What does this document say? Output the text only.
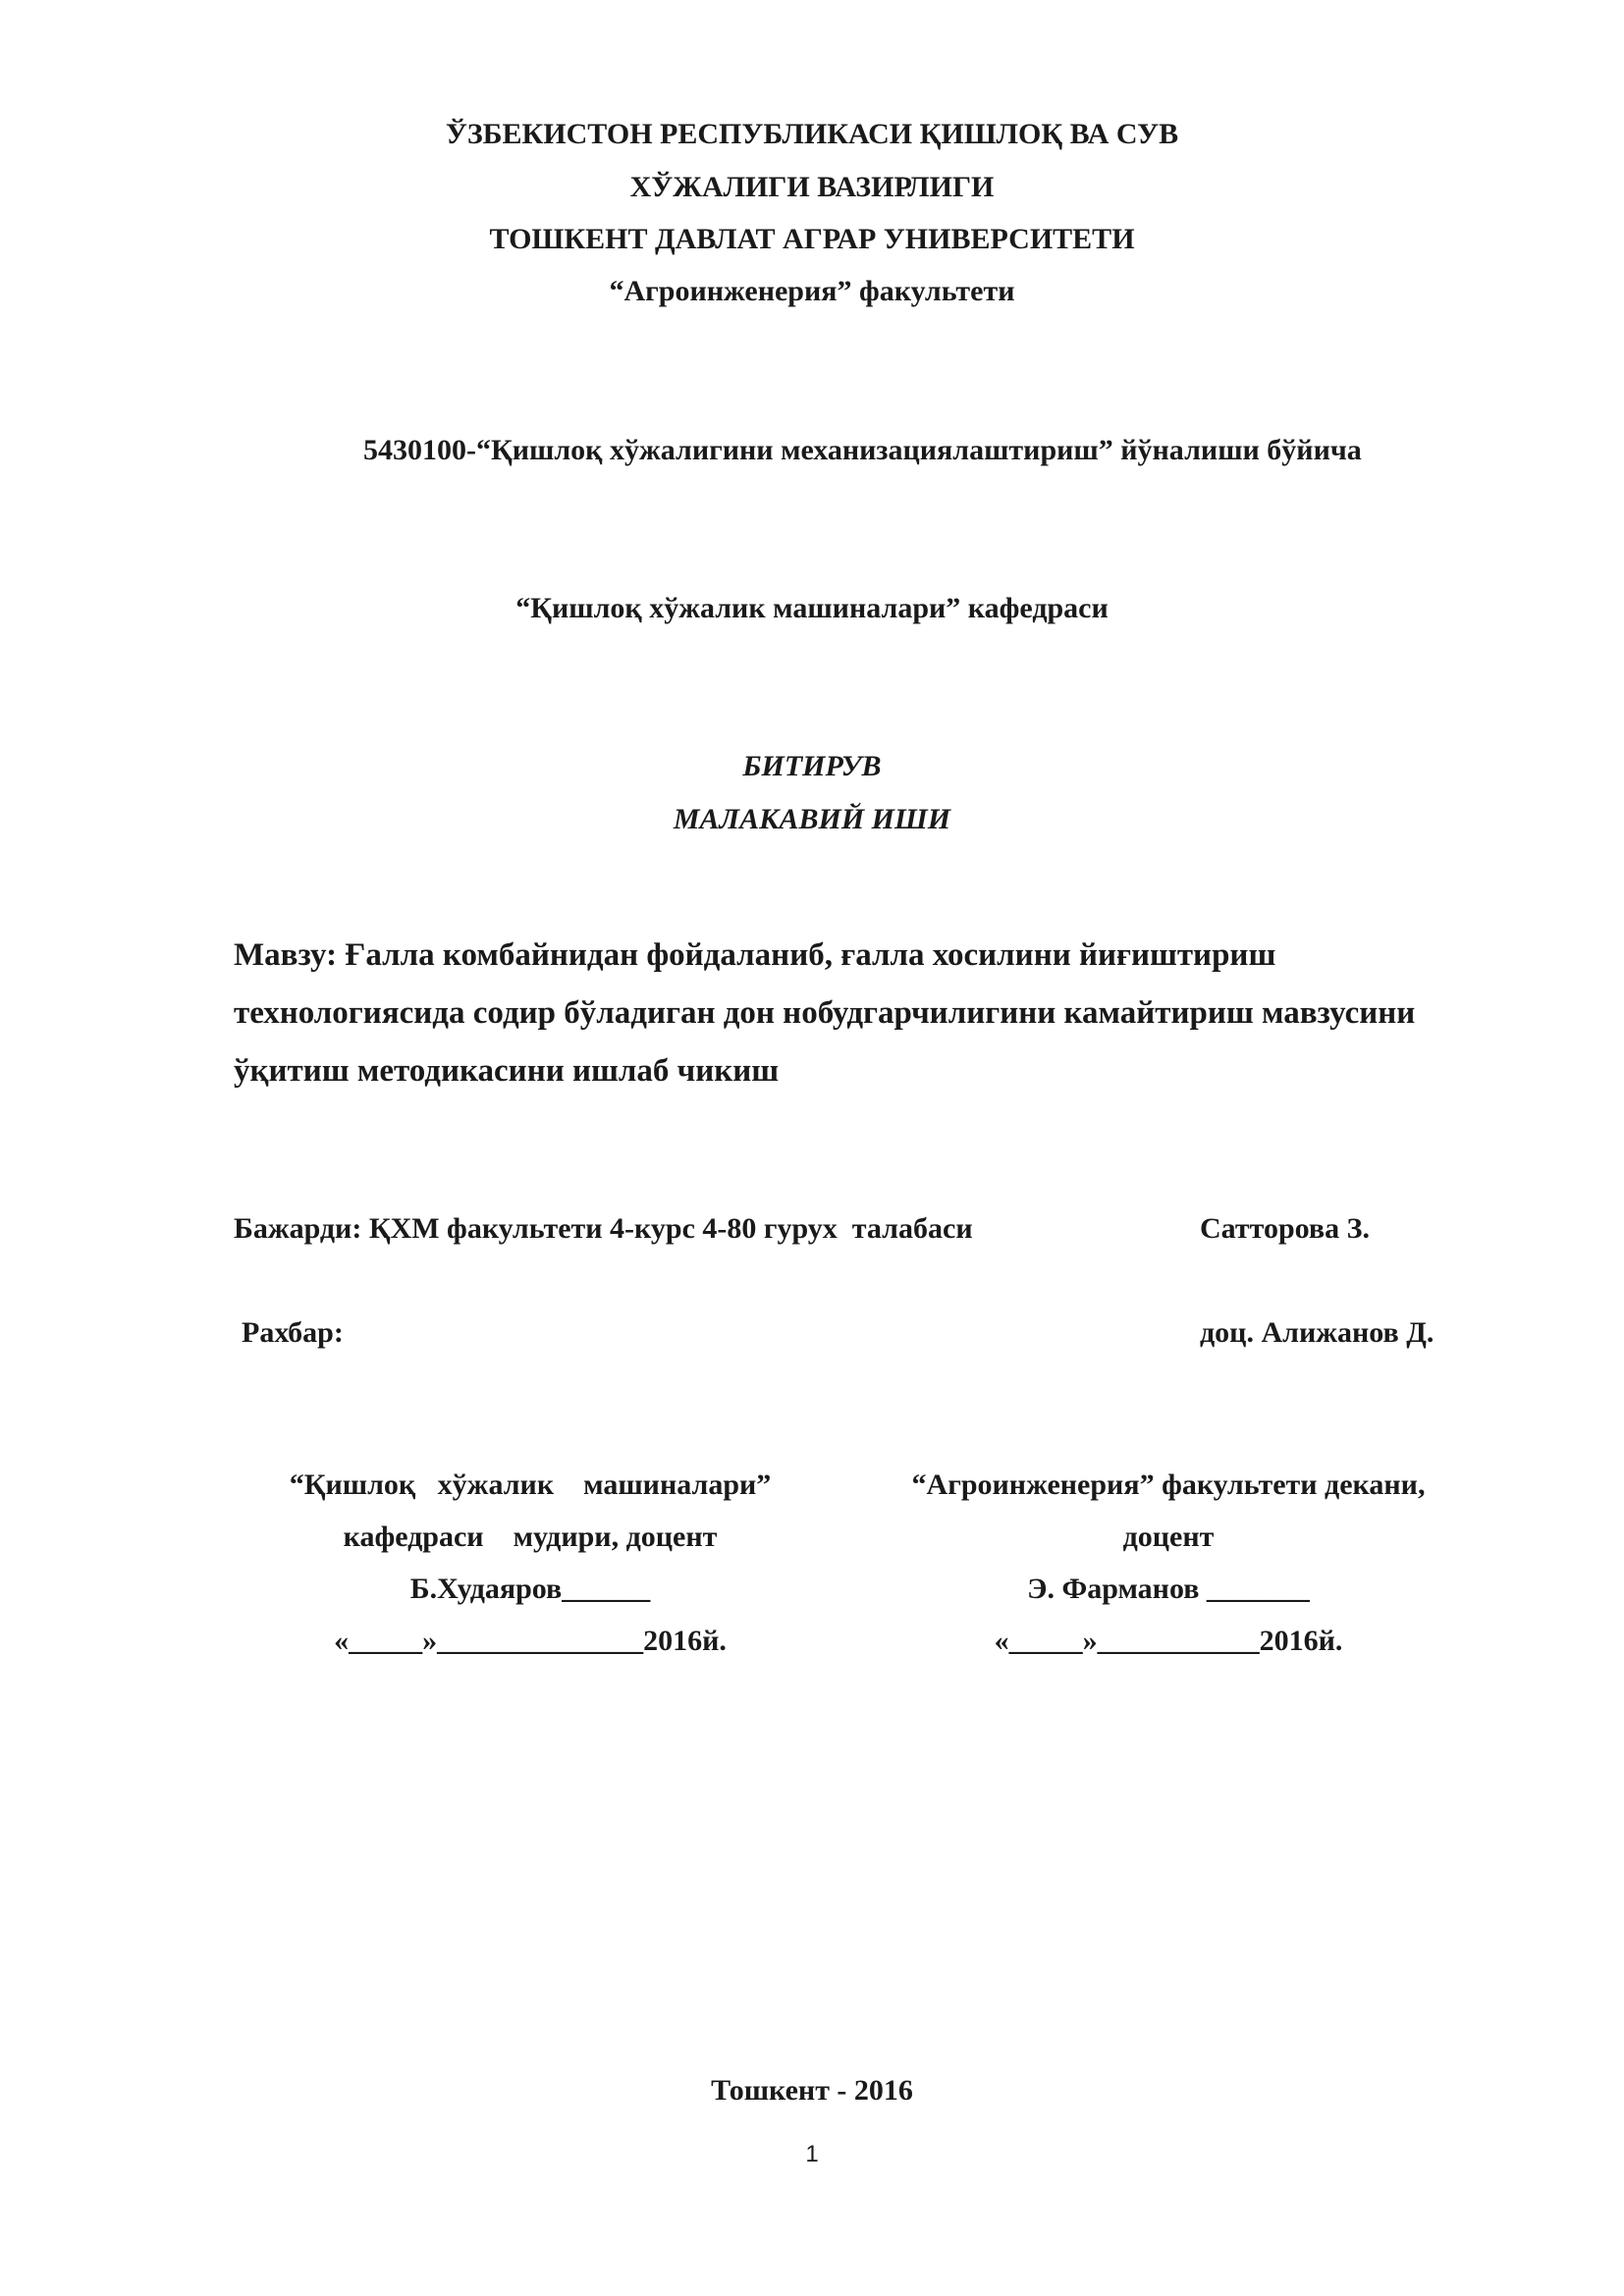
ЎЗБЕКИСТОН РЕСПУБЛИКАСИ ҚИШЛОҚ ВА СУВ
ХЎЖАЛИГИ ВАЗИРЛИГИ
ТОШКЕНТ ДАВЛАТ АГРАР УНИВЕРСИТЕТИ
“Агроинженерия” факультети
5430100-“Қишлоқ хўжалигини механизациялаштириш” йўналиши бўйича
“Қишлоқ хўжалик машиналари” кафедраси
БИТИРУВ
МАЛАКАВИЙ ИШИ
Мавзу: Ғалла комбайнидан фойдаланиб, ғалла хосилини йиғиштириш
технологиясида содир бўладиган дон нобудгарчилигини камайтириш мавзусини
ўқитиш методикасини ишлаб чикиш
Бажарди: ҚХМ факультети 4-курс 4-80 гурух  талабаси	Сатторова З.
Рахбар:	доц. Алижанов Д.
“Қишлоқ   хўжалик    машиналари”
кафедраси    мудири, доцент
Б.Худаяров______
«_____»______________2016й.
“Агроинженерия” факультети декани,
доцент
Э. Фарманов _______
«_____»___________2016й.
Тошкент - 2016
1
